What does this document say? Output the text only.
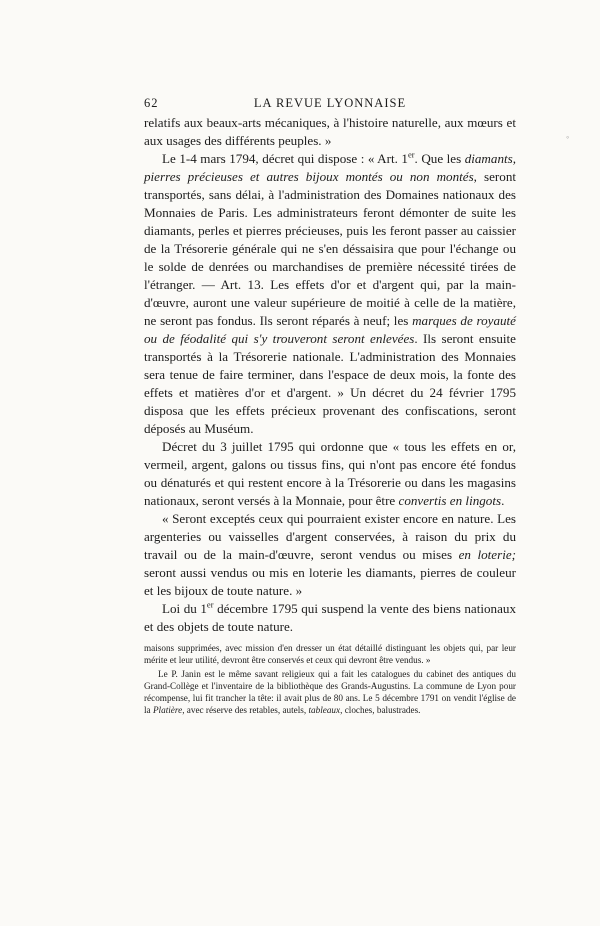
62	LA REVUE LYONNAISE

relatifs aux beaux-arts mécaniques, à l'histoire naturelle, aux mœurs et aux usages des différents peuples. »

Le 1-4 mars 1794, décret qui dispose : « Art. 1er. Que les diamants, pierres précieuses et autres bijoux montés ou non montés, seront transportés, sans délai, à l'administration des Domaines nationaux des Monnaies de Paris. Les administrateurs feront démonter de suite les diamants, perles et pierres précieuses, puis les feront passer au caissier de la Trésorerie générale qui ne s'en déssaisira que pour l'échange ou le solde de denrées ou marchandises de première nécessité tirées de l'étranger. — Art. 13. Les effets d'or et d'argent qui, par la main-d'œuvre, auront une valeur supérieure de moitié à celle de la matière, ne seront pas fondus. Ils seront réparés à neuf; les marques de royauté ou de féodalité qui s'y trouveront seront enlevées. Ils seront ensuite transportés à la Trésorerie nationale. L'administration des Monnaies sera tenue de faire terminer, dans l'espace de deux mois, la fonte des effets et matières d'or et d'argent. » Un décret du 24 février 1795 disposa que les effets précieux provenant des confiscations, seront déposés au Muséum.

Décret du 3 juillet 1795 qui ordonne que « tous les effets en or, vermeil, argent, galons ou tissus fins, qui n'ont pas encore été fondus ou dénaturés et qui restent encore à la Trésorerie ou dans les magasins nationaux, seront versés à la Monnaie, pour être convertis en lingots.

« Seront exceptés ceux qui pourraient exister encore en nature. Les argenteries ou vaisselles d'argent conservées, à raison du prix du travail ou de la main-d'œuvre, seront vendus ou mises en loterie; seront aussi vendus ou mis en loterie les diamants, pierres de couleur et les bijoux de toute nature. »

Loi du 1er décembre 1795 qui suspend la vente des biens nationaux et des objets de toute nature.

maisons supprimées, avec mission d'en dresser un état détaillé distinguant les objets qui, par leur mérite et leur utilité, devront être conservés et ceux qui devront être vendus. »

Le P. Janin est le même savant religieux qui a fait les catalogues du cabinet des antiques du Grand-Collège et l'inventaire de la bibliothèque des Grands-Augustins. La commune de Lyon pour récompense, lui fit trancher la tête: il avait plus de 80 ans. Le 5 décembre 1791 on vendit l'église de la Platière, avec réserve des retables, autels, tableaux, cloches, balustrades.

◦
